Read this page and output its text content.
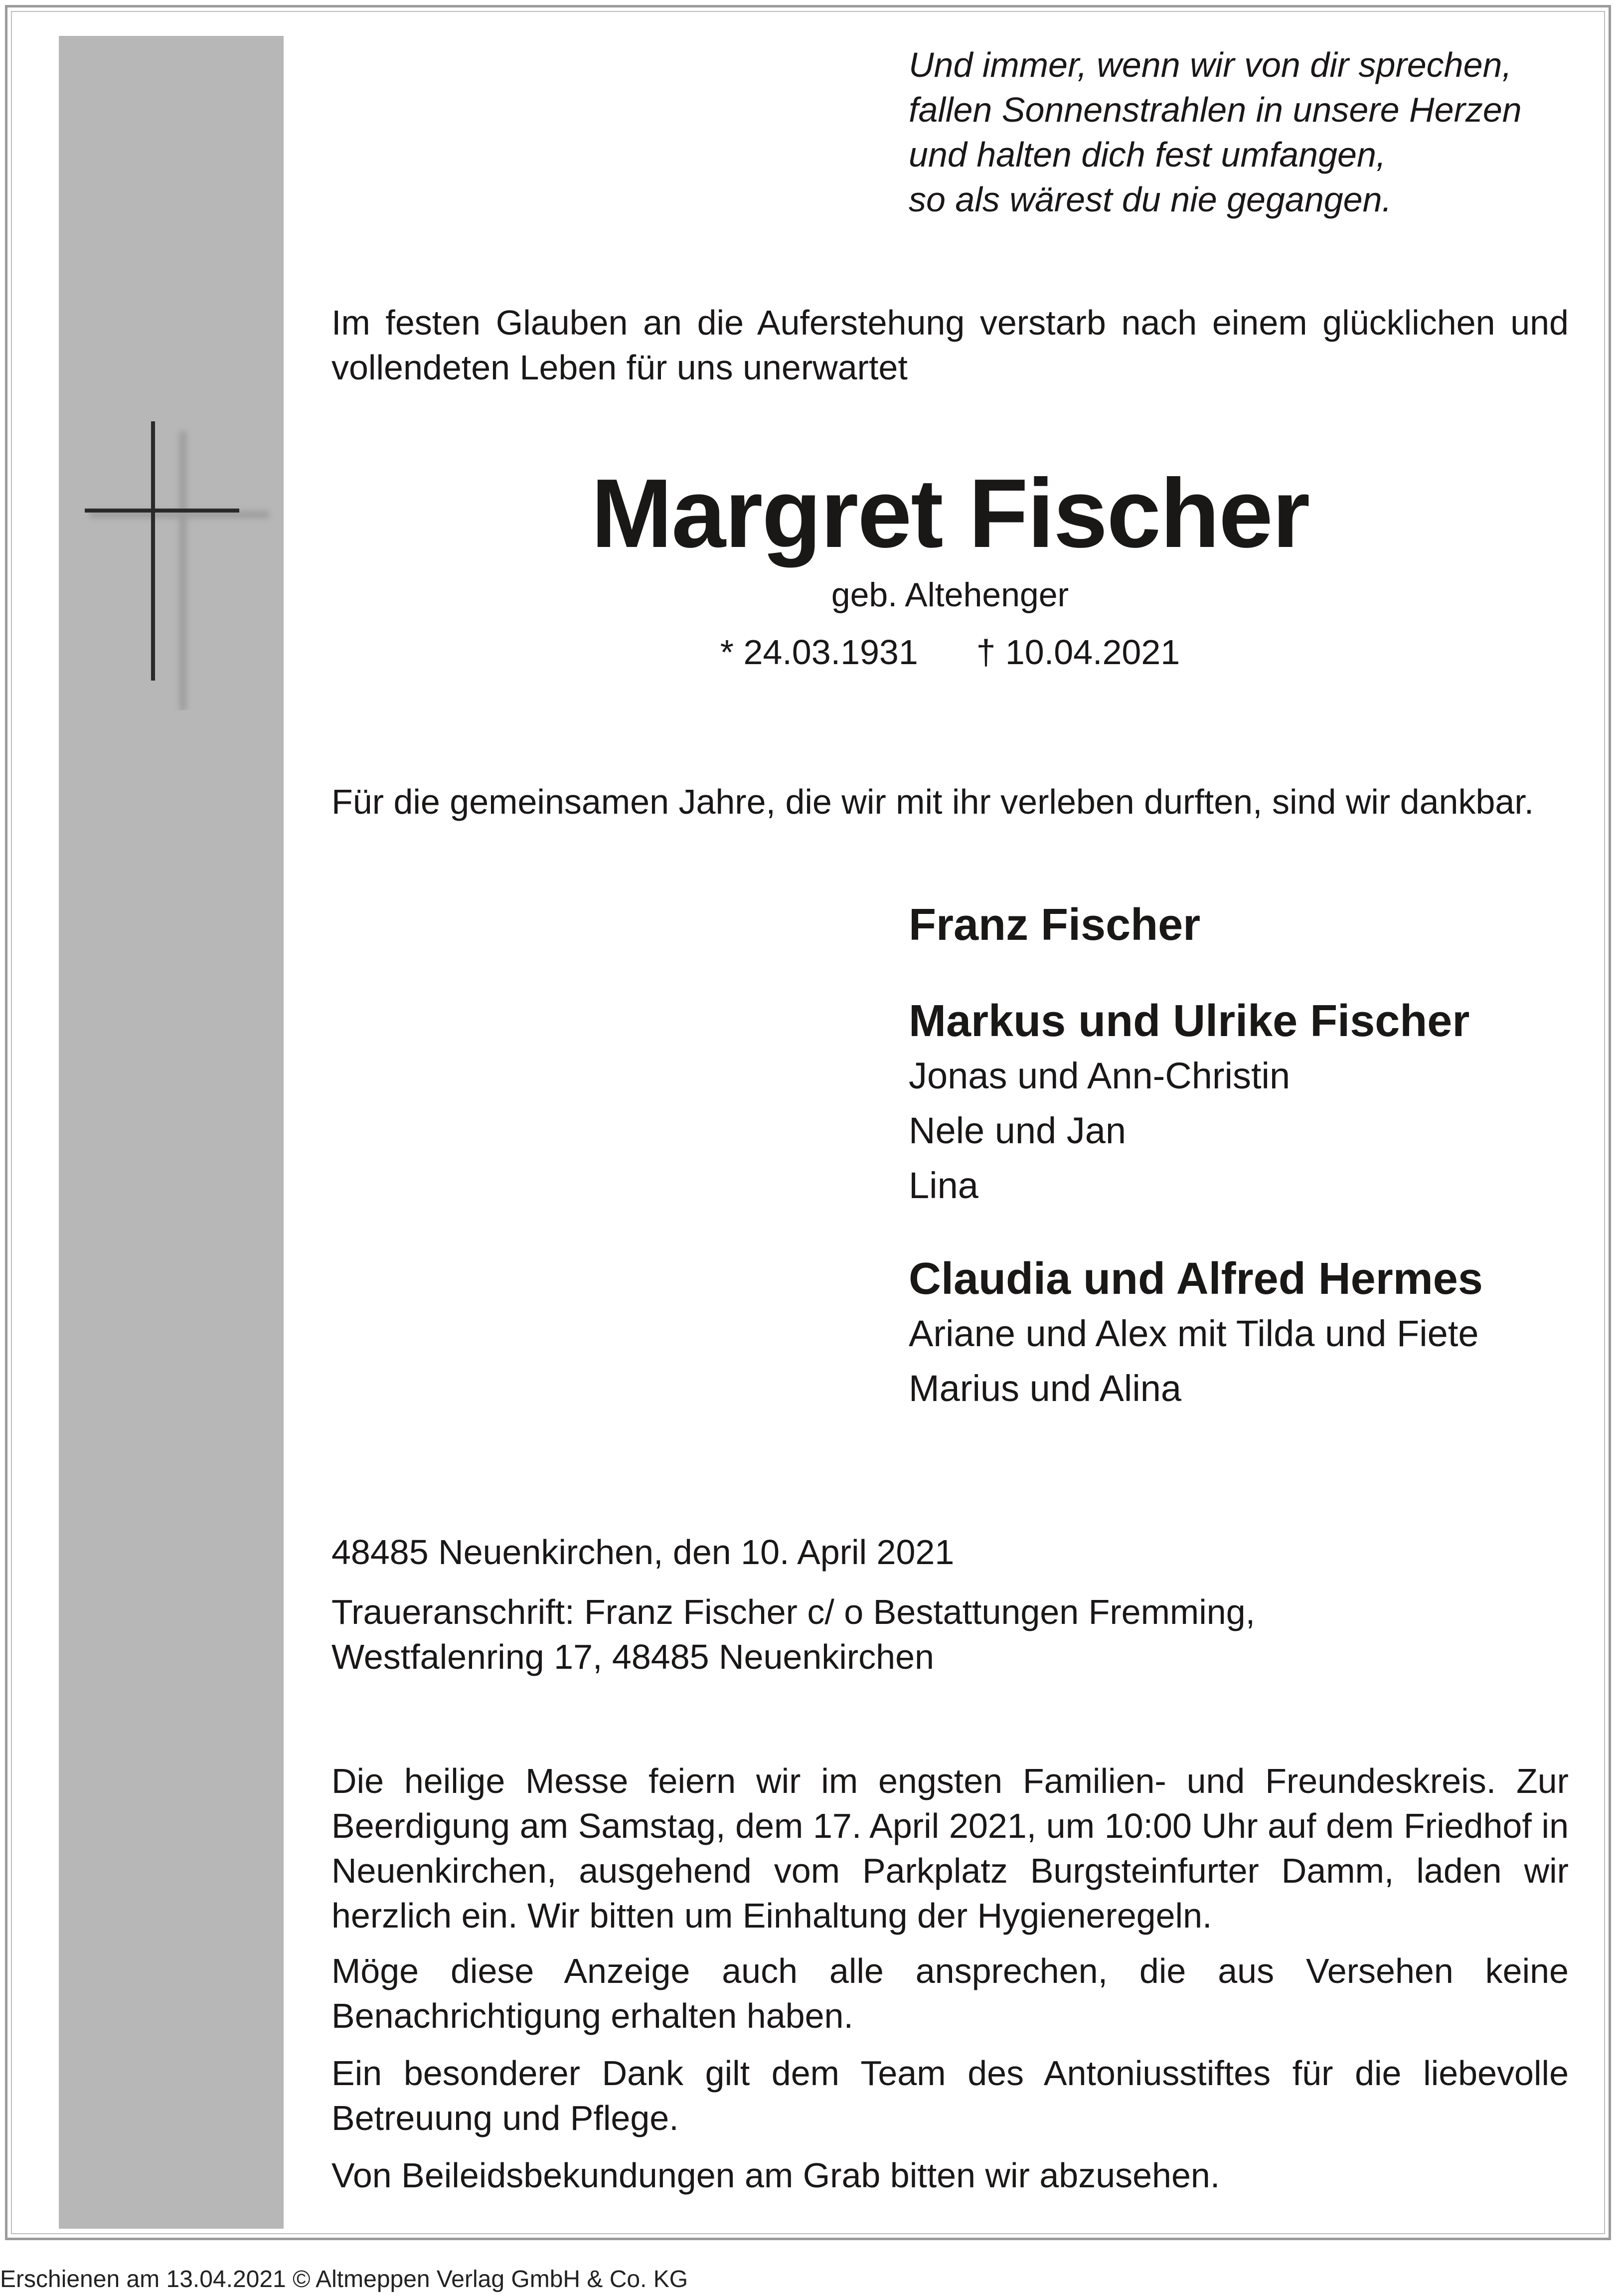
Und immer, wenn wir von dir sprechen,
fallen Sonnenstrahlen in unsere Herzen
und halten dich fest umfangen,
so als wärest du nie gegangen.

Im festen Glauben an die Auferstehung verstarb nach einem glücklichen und vollendeten Leben für uns unerwartet

Margret Fischer
geb. Altehenger
* 24.03.1931 † 10.04.2021

Für die gemeinsamen Jahre, die wir mit ihr verleben durften, sind wir dankbar.

Franz Fischer
Markus und Ulrike Fischer
Jonas und Ann-Christin
Nele und Jan
Lina
Claudia und Alfred Hermes
Ariane und Alex mit Tilda und Fiete
Marius und Alina

48485 Neuenkirchen, den 10. April 2021

Traueranschrift: Franz Fischer c/ o Bestattungen Fremming,
Westfalenring 17, 48485 Neuenkirchen

Die heilige Messe feiern wir im engsten Familien- und Freundeskreis. Zur Beerdigung am Samstag, dem 17. April 2021, um 10:00 Uhr auf dem Friedhof in Neuenkirchen, ausgehend vom Parkplatz Burgsteinfurter Damm, laden wir herzlich ein. Wir bitten um Einhaltung der Hygieneregeln.

Möge diese Anzeige auch alle ansprechen, die aus Versehen keine Benachrichtigung erhalten haben.

Ein besonderer Dank gilt dem Team des Antoniusstiftes für die liebevolle Betreuung und Pflege.

Von Beileidsbekundungen am Grab bitten wir abzusehen.

Erschienen am 13.04.2021 © Altmeppen Verlag GmbH & Co. KG
